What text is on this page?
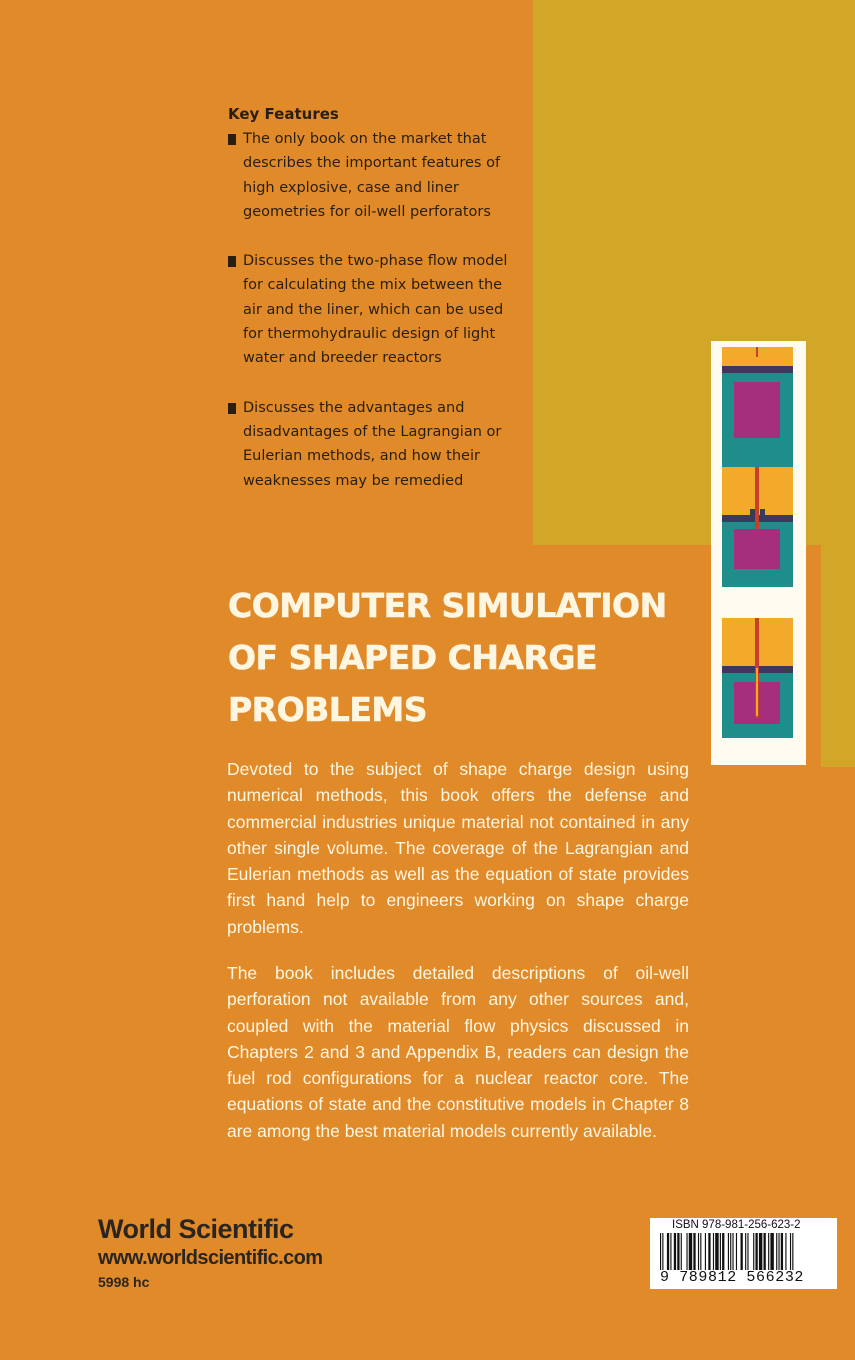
Key Features
The only book on the market that
describes the important features of
high explosive, case and liner
geometries for oil-well perforators
Discusses the two-phase flow model
for calculating the mix between the
air and the liner, which can be used
for thermohydraulic design of light
water and breeder reactors
Discusses the advantages and
disadvantages of the Lagrangian or
Eulerian methods, and how their
weaknesses may be remedied
COMPUTER SIMULATION
OF SHAPED CHARGE
PROBLEMS

Devoted to the subject of shape charge design using numerical methods, this book offers the defense and commercial industries unique material not contained in any other single volume. The coverage of the Lagrangian and Eulerian methods as well as the equation of state provides first hand help to engineers working on shape charge problems.

The book includes detailed descriptions of oil-well perforation not available from any other sources and, coupled with the material flow physics discussed in Chapters 2 and 3 and Appendix B, readers can design the fuel rod configurations for a nuclear reactor core. The equations of state and the constitutive models in Chapter 8 are among the best material models currently available.

World Scientific
www.worldscientific.com
5998 hc
ISBN 978-981-256-623-2
9 789812 566232
